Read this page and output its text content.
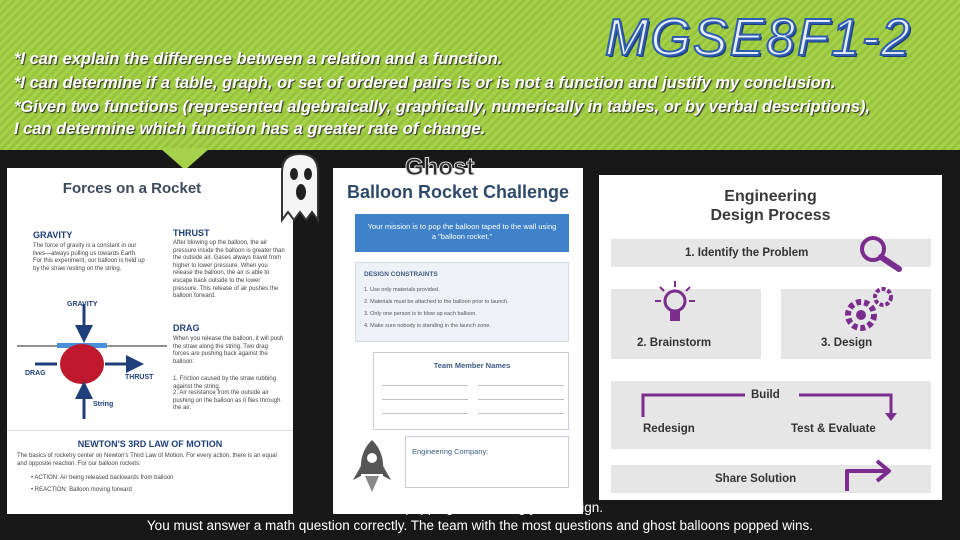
*I can explain the difference between a relation and a function.
*I can determine if a table, graph, or set of ordered pairs is or is not a function and justify my conclusion.
*Given two functions (represented algebraically, graphically, numerically in tables, or by verbal descriptions),
I can determine which function has a greater rate of change.
MGSE8F1-2
Forces on a Rocket
GRAVITY
The force of gravity is a constant in our lives—always pulling us towards Earth. For this experiment, our balloon is held up by the straw resting on the string.
THRUST
After blowing up the balloon, the air pressure inside the balloon is greater than the outside air. Gases always travel from higher to lower pressure. When you release the balloon, the air is able to escape back outside to the lower pressure. This release of air pushes the balloon forward.
DRAG
When you release the balloon, it will push the straw along the string. Two drag forces are pushing back against the balloon:
1. Friction caused by the straw rubbing against the string.
2. Air resistance from the outside air pushing on the balloon as it flies through the air.
GRAVITY
DRAG
THRUST
String
NEWTON'S 3RD LAW OF MOTION
The basics of rocketry center on Newton's Third Law of Motion. For every action, there is an equal and opposite reaction. For our balloon rockets:
• ACTION: Air being released backwards from balloon
• REACTION: Balloon moving forward
Balloon Rocket Challenge
Your mission is to pop the balloon taped to the wall using a "balloon rocket."
DESIGN CONSTRAINTS
1. Use only materials provided.
2. Materials must be attached to the balloon prior to launch.
3. Only one person is to blow up each balloon.
4. Make sure nobody is standing in the launch zone.
Team Member Names
Engineering Company:
Ghost
Engineering
Design Process
1. Identify the Problem
2. Brainstorm	3. Design
Build
Redesign	Test & Evaluate
Share Solution
Before "popping" or creating your design.
You must answer a math question correctly. The team with the most questions and ghost balloons popped wins.
